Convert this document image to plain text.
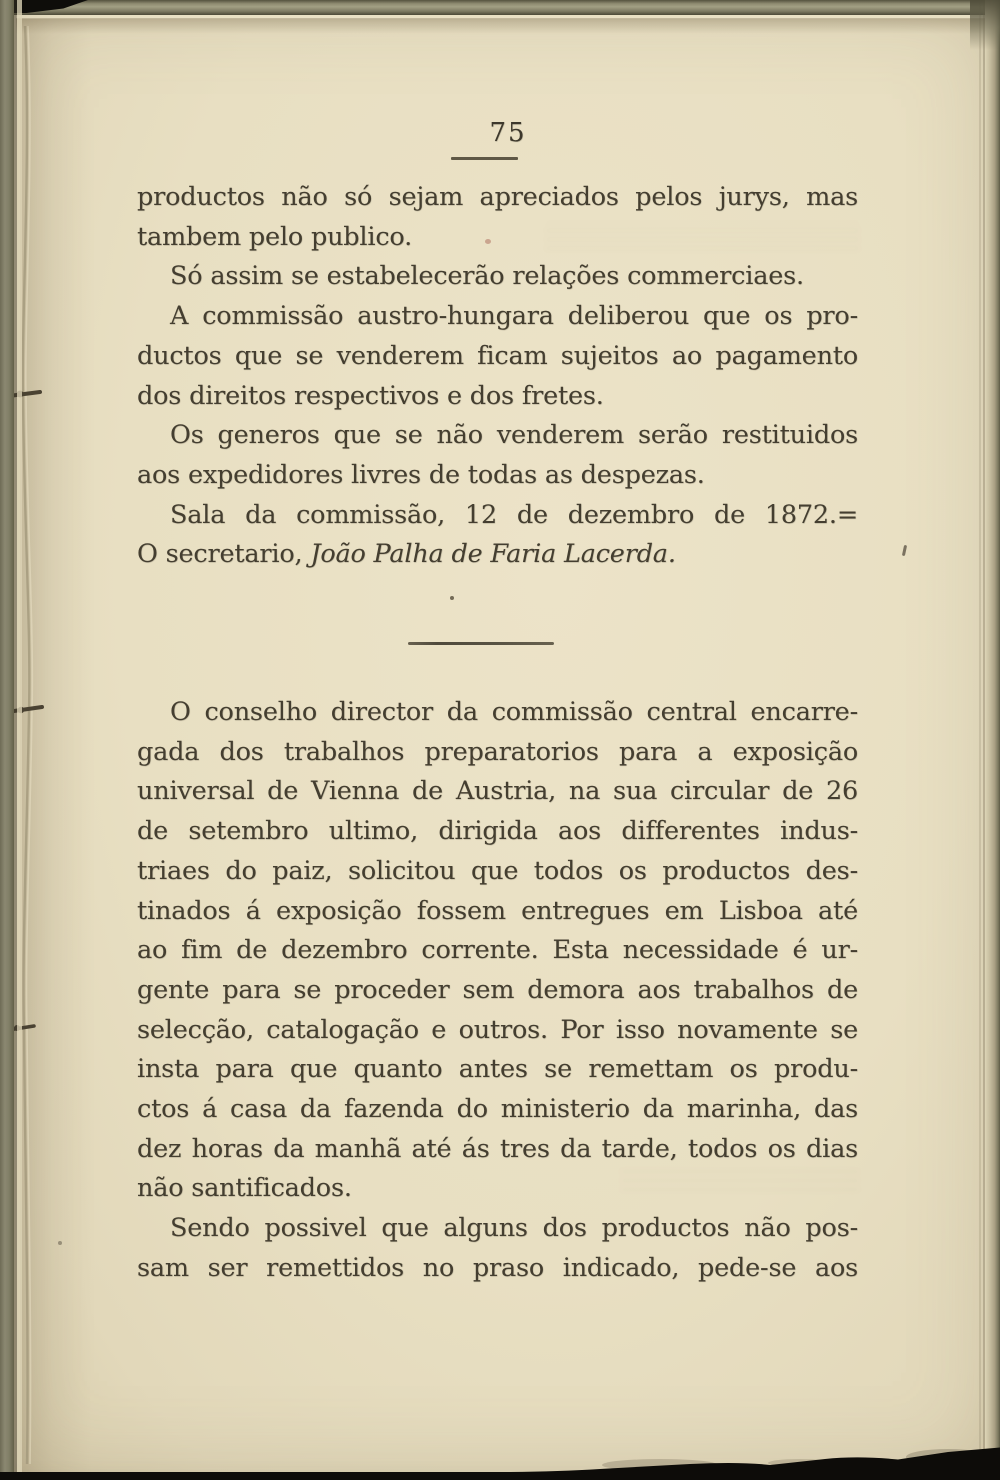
75
productos não só sejam apreciados pelos jurys, mas
tambem pelo publico.
Só assim se estabelecerão relações commerciaes.
A commissão austro-hungara deliberou que os pro-
ductos que se venderem ficam sujeitos ao pagamento
dos direitos respectivos e dos fretes.
Os generos que se não venderem serão restituidos
aos expedidores livres de todas as despezas.
Sala da commissão, 12 de dezembro de 1872.=
O secretario, João Palha de Faria Lacerda.
O conselho director da commissão central encarre-
gada dos trabalhos preparatorios para a exposição
universal de Vienna de Austria, na sua circular de 26
de setembro ultimo, dirigida aos differentes indus-
triaes do paiz, solicitou que todos os productos des-
tinados á exposição fossem entregues em Lisboa até
ao fim de dezembro corrente. Esta necessidade é ur-
gente para se proceder sem demora aos trabalhos de
selecção, catalogação e outros. Por isso novamente se
insta para que quanto antes se remettam os produ-
ctos á casa da fazenda do ministerio da marinha, das
dez horas da manhã até ás tres da tarde, todos os dias
não santificados.
Sendo possivel que alguns dos productos não pos-
sam ser remettidos no praso indicado, pede-se aos
